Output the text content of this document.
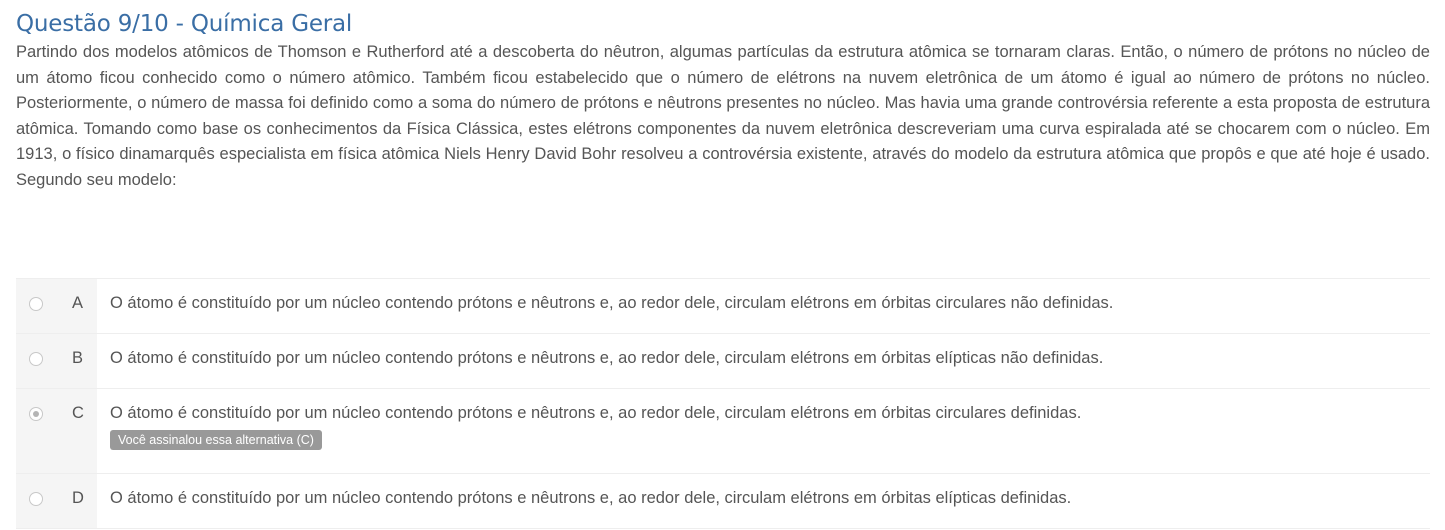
Questão 9/10 - Química Geral

Partindo dos modelos atômicos de Thomson e Rutherford até a descoberta do nêutron, algumas partículas da estrutura atômica se tornaram claras. Então, o número de prótons no núcleo de um átomo ficou conhecido como o número atômico. Também ficou estabelecido que o número de elétrons na nuvem eletrônica de um átomo é igual ao número de prótons no núcleo. Posteriormente, o número de massa foi definido como a soma do número de prótons e nêutrons presentes no núcleo. Mas havia uma grande controvérsia referente a esta proposta de estrutura atômica. Tomando como base os conhecimentos da Física Clássica, estes elétrons componentes da nuvem eletrônica descreveriam uma curva espiralada até se chocarem com o núcleo. Em 1913, o físico dinamarquês especialista em física atômica Niels Henry David Bohr resolveu a controvérsia existente, através do modelo da estrutura atômica que propôs e que até hoje é usado. Segundo seu modelo:

A O átomo é constituído por um núcleo contendo prótons e nêutrons e, ao redor dele, circulam elétrons em órbitas circulares não definidas.
B O átomo é constituído por um núcleo contendo prótons e nêutrons e, ao redor dele, circulam elétrons em órbitas elípticas não definidas.
C O átomo é constituído por um núcleo contendo prótons e nêutrons e, ao redor dele, circulam elétrons em órbitas circulares definidas.
Você assinalou essa alternativa (C)
D O átomo é constituído por um núcleo contendo prótons e nêutrons e, ao redor dele, circulam elétrons em órbitas elípticas definidas.
